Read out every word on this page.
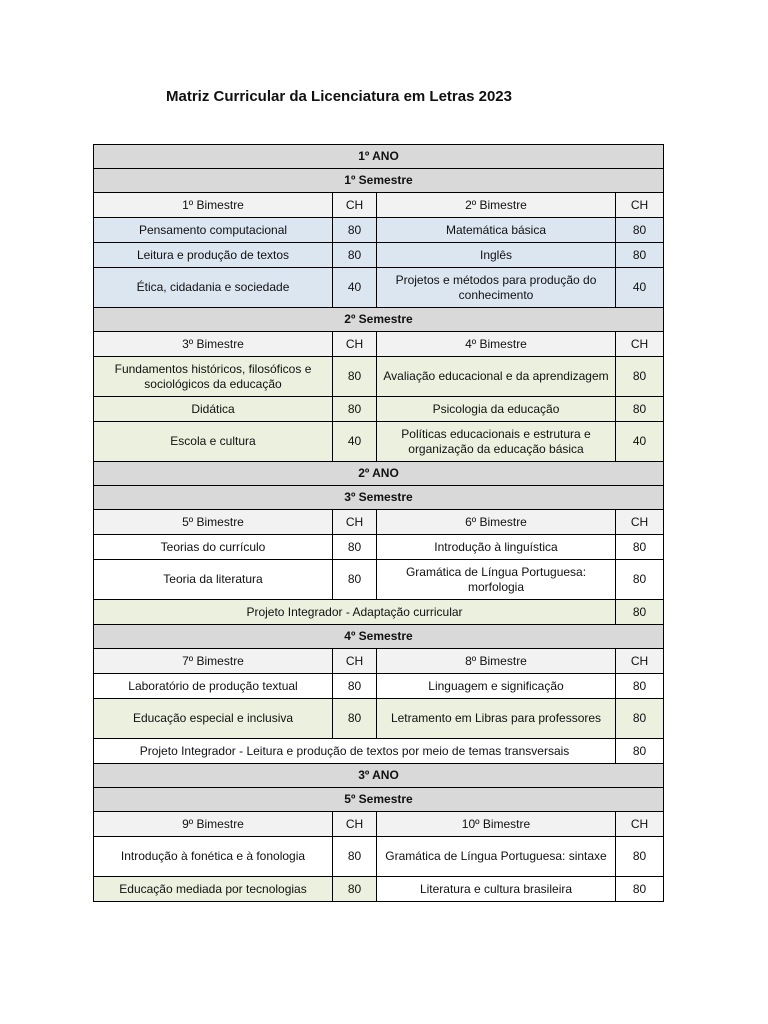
Matriz Curricular da Licenciatura em Letras 2023
1º ANO			
1º Semestre			
1º Bimestre	CH	2º Bimestre	CH
Pensamento computacional	80	Matemática básica	80
Leitura e produção de textos	80	Inglês	80
Ética, cidadania e sociedade	40	Projetos e métodos para produção do conhecimento	40
2º Semestre			
3º Bimestre	CH	4º Bimestre	CH
Fundamentos históricos, filosóficos e sociológicos da educação	80	Avaliação educacional e da aprendizagem	80
Didática	80	Psicologia da educação	80
Escola e cultura	40	Políticas educacionais e estrutura e organização da educação básica	40
2º ANO			
3º Semestre			
5º Bimestre	CH	6º Bimestre	CH
Teorias do currículo	80	Introdução à linguística	80
Teoria da literatura	80	Gramática de Língua Portuguesa: morfologia	80
Projeto Integrador - Adaptação curricular			80
4º Semestre			
7º Bimestre	CH	8º Bimestre	CH
Laboratório de produção textual	80	Linguagem e significação	80
Educação especial e inclusiva	80	Letramento em Libras para professores	80
Projeto Integrador - Leitura e produção de textos por meio de temas transversais			80
3º ANO			
5º Semestre			
9º Bimestre	CH	10º Bimestre	CH
Introdução à fonética e à fonologia	80	Gramática de Língua Portuguesa: sintaxe	80
Educação mediada por tecnologias	80	Literatura e cultura brasileira	80
